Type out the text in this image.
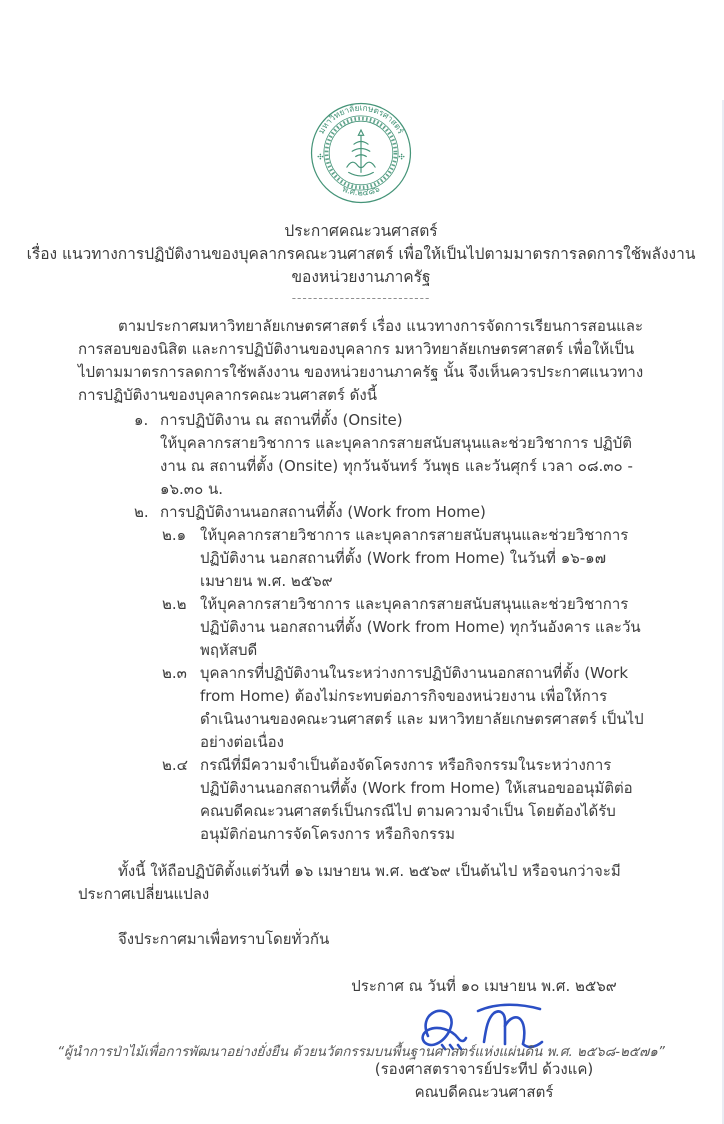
มหาวิทยาลัยเกษตรศาสตร์
พ.ศ.๒๔๘๖
ประกาศคณะวนศาสตร์
เรื่อง แนวทางการปฏิบัติงานของบุคลากรคณะวนศาสตร์ เพื่อให้เป็นไปตามมาตรการลดการใช้พลังงาน
ของหน่วยงานภาครัฐ
--------------------------

ตามประกาศมหาวิทยาลัยเกษตรศาสตร์ เรื่อง แนวทางการจัดการเรียนการสอนและการสอบของนิสิต และการปฏิบัติงานของบุคลากร มหาวิทยาลัยเกษตรศาสตร์ เพื่อให้เป็นไปตามมาตรการลดการใช้พลังงาน ของหน่วยงานภาครัฐ นั้น จึงเห็นควรประกาศแนวทางการปฏิบัติงานของบุคลากรคณะวนศาสตร์ ดังนี้

๑. การปฏิบัติงาน ณ สถานที่ตั้ง (Onsite)
ให้บุคลากรสายวิชาการ และบุคลากรสายสนับสนุนและช่วยวิชาการ ปฏิบัติงาน ณ สถานที่ตั้ง (Onsite) ทุกวันจันทร์ วันพุธ และวันศุกร์ เวลา ๐๘.๓๐ - ๑๖.๓๐ น.
๒. การปฏิบัติงานนอกสถานที่ตั้ง (Work from Home)
๒.๑ ให้บุคลากรสายวิชาการ และบุคลากรสายสนับสนุนและช่วยวิชาการ ปฏิบัติงาน นอกสถานที่ตั้ง (Work from Home) ในวันที่ ๑๖-๑๗ เมษายน พ.ศ. ๒๕๖๙
๒.๒ ให้บุคลากรสายวิชาการ และบุคลากรสายสนับสนุนและช่วยวิชาการ ปฏิบัติงาน นอกสถานที่ตั้ง (Work from Home) ทุกวันอังคาร และวันพฤหัสบดี
๒.๓ บุคลากรที่ปฏิบัติงานในระหว่างการปฏิบัติงานนอกสถานที่ตั้ง (Work from Home) ต้องไม่กระทบต่อภารกิจของหน่วยงาน เพื่อให้การดำเนินงานของคณะวนศาสตร์ และ มหาวิทยาลัยเกษตรศาสตร์ เป็นไปอย่างต่อเนื่อง
๒.๔ กรณีที่มีความจำเป็นต้องจัดโครงการ หรือกิจกรรมในระหว่างการปฏิบัติงานนอกสถานที่ตั้ง (Work from Home) ให้เสนอขออนุมัติต่อคณบดีคณะวนศาสตร์เป็นกรณีไป ตามความจำเป็น โดยต้องได้รับอนุมัติก่อนการจัดโครงการ หรือกิจกรรม

ทั้งนี้ ให้ถือปฏิบัติตั้งแต่วันที่ ๑๖ เมษายน พ.ศ. ๒๕๖๙ เป็นต้นไป หรือจนกว่าจะมีประกาศเปลี่ยนแปลง

จึงประกาศมาเพื่อทราบโดยทั่วกัน

ประกาศ ณ วันที่ ๑๐ เมษายน พ.ศ. ๒๕๖๙
(รองศาสตราจารย์ประทีป ด้วงแค)
คณบดีคณะวนศาสตร์
“ผู้นำการป่าไม้เพื่อการพัฒนาอย่างยั่งยืน ด้วยนวัตกรรมบนพื้นฐานศาสตร์แห่งแผ่นดิน พ.ศ. ๒๕๖๘-๒๕๗๑”
